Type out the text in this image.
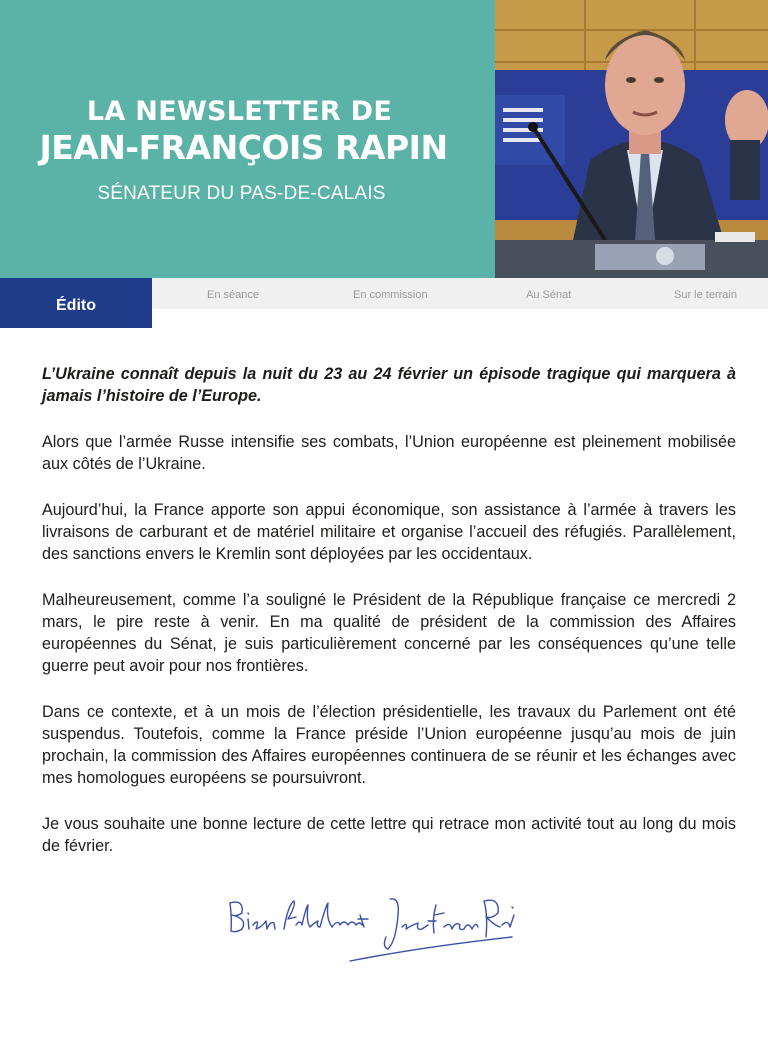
LA NEWSLETTER DE
JEAN-FRANÇOIS RAPIN
SÉNATEUR DU PAS-DE-CALAIS
Édito
En séance	En commission	Au Sénat	Sur le terrain

L’Ukraine connaît depuis la nuit du 23 au 24 février un épisode tragique qui marquera à jamais l’histoire de l’Europe.

Alors que l’armée Russe intensifie ses combats, l’Union européenne est pleinement mobilisée aux côtés de l’Ukraine.

Aujourd’hui, la France apporte son appui économique, son assistance à l’armée à travers les livraisons de carburant et de matériel militaire et organise l’accueil des réfugiés. Parallèlement, des sanctions envers le Kremlin sont déployées par les occidentaux.

Malheureusement, comme l’a souligné le Président de la République française ce mercredi 2 mars, le pire reste à venir. En ma qualité de président de la commission des Affaires européennes du Sénat, je suis particulièrement concerné par les conséquences qu’une telle guerre peut avoir pour nos frontières.

Dans ce contexte, et à un mois de l’élection présidentielle, les travaux du Parlement ont été suspendus. Toutefois, comme la France préside l’Union européenne jusqu’au mois de juin prochain, la commission des Affaires européennes continuera de se réunir et les échanges avec mes homologues européens se poursuivront.

Je vous souhaite une bonne lecture de cette lettre qui retrace mon activité tout au long du mois de février.
